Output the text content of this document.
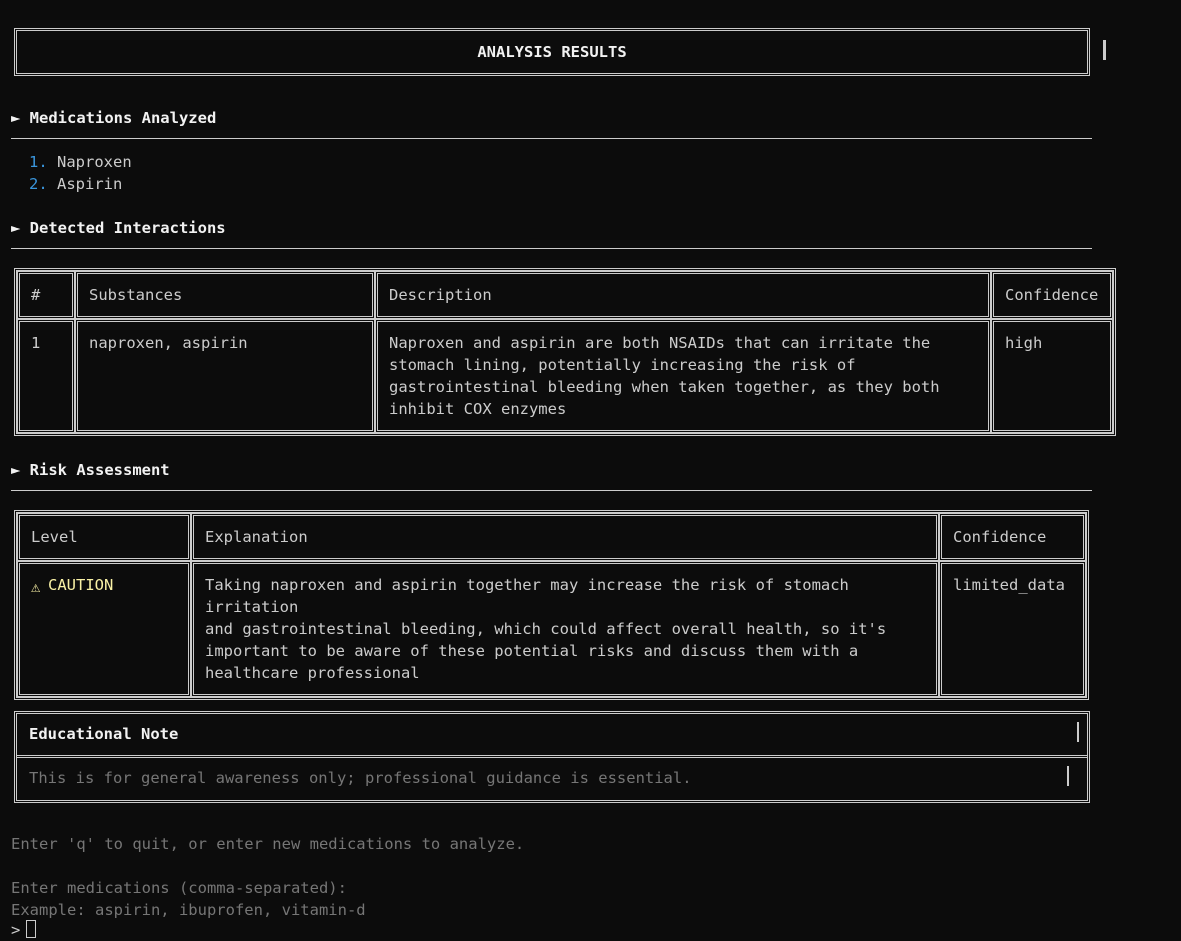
ANALYSIS RESULTS
► Medications Analyzed
1. Naproxen
2. Aspirin
► Detected Interactions
#	Substances	Description	Confidence
1	naproxen, aspirin	Naproxen and aspirin are both NSAIDs that can irritate the
stomach lining, potentially increasing the risk of
gastrointestinal bleeding when taken together, as they both
inhibit COX enzymes	high
► Risk Assessment
Level	Explanation	Confidence
⚠ CAUTION	Taking naproxen and aspirin together may increase the risk of stomach irritation
and gastrointestinal bleeding, which could affect overall health, so it's
important to be aware of these potential risks and discuss them with a
healthcare professional	limited_data
Educational Note
This is for general awareness only; professional guidance is essential.
Enter 'q' to quit, or enter new medications to analyze.
Enter medications (comma-separated):
Example: aspirin, ibuprofen, vitamin-d
>
